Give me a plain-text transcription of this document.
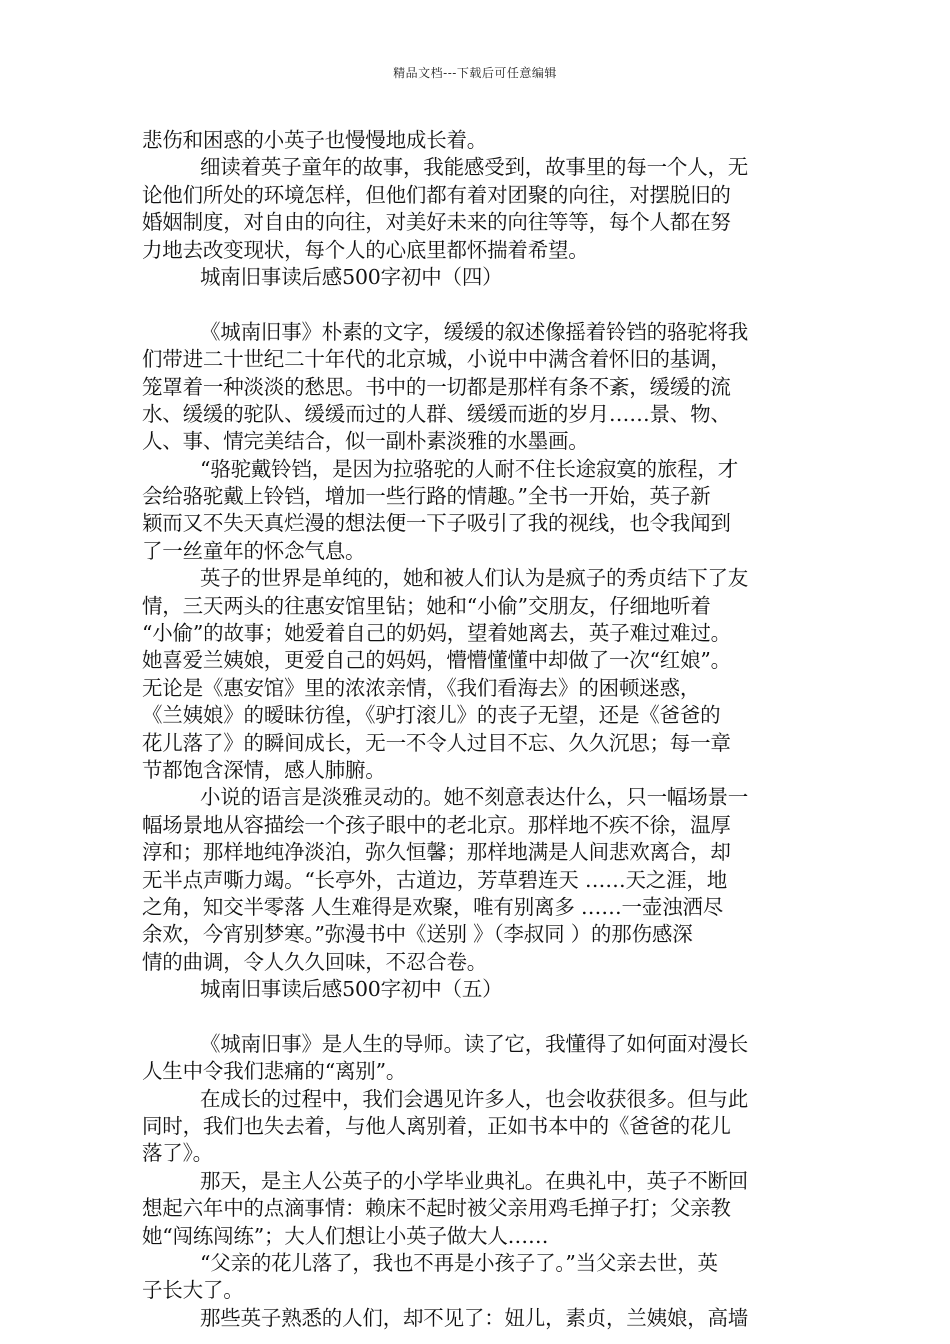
精品文档---下载后可任意编辑
悲伤和困惑的小英子也慢慢地成长着。
细读着英子童年的故事，我能感受到，故事里的每一个人，无
论他们所处的环境怎样，但他们都有着对团聚的向往，对摆脱旧的
婚姻制度，对自由的向往，对美好未来的向往等等，每个人都在努
力地去改变现状，每个人的心底里都怀揣着希望。
城南旧事读后感500字初中（四）
《城南旧事》朴素的文字，缓缓的叙述像摇着铃铛的骆驼将我
们带进二十世纪二十年代的北京城，小说中中满含着怀旧的基调，
笼罩着一种淡淡的愁思。书中的一切都是那样有条不紊，缓缓的流
水、缓缓的驼队、缓缓而过的人群、缓缓而逝的岁月……景、物、
人、事、情完美结合，似一副朴素淡雅的水墨画。
“骆驼戴铃铛，是因为拉骆驼的人耐不住长途寂寞的旅程，才
会给骆驼戴上铃铛，增加一些行路的情趣。”全书一开始，英子新
颖而又不失天真烂漫的想法便一下子吸引了我的视线，也令我闻到
了一丝童年的怀念气息。
英子的世界是单纯的，她和被人们认为是疯子的秀贞结下了友
情，三天两头的往惠安馆里钻；她和“小偷”交朋友，仔细地听着
“小偷”的故事；她爱着自己的奶妈，望着她离去，英子难过难过。
她喜爱兰姨娘，更爱自己的妈妈，懵懵懂懂中却做了一次“红娘”。
无论是《惠安馆》里的浓浓亲情，《我们看海去》的困顿迷惑，
《兰姨娘》的暧昧彷徨，《驴打滚儿》的丧子无望，还是《爸爸的
花儿落了》的瞬间成长，无一不令人过目不忘、久久沉思；每一章
节都饱含深情，感人肺腑。
小说的语言是淡雅灵动的。她不刻意表达什么，只一幅场景一
幅场景地从容描绘一个孩子眼中的老北京。那样地不疾不徐，温厚
淳和；那样地纯净淡泊，弥久恒馨；那样地满是人间悲欢离合，却
无半点声嘶力竭。“长亭外，古道边，芳草碧连天 ……天之涯，地
之角，知交半零落 人生难得是欢聚，唯有别离多 ……一壶浊洒尽
余欢，今宵别梦寒。”弥漫书中《送别 》（李叔同 ）的那伤感深
情的曲调，令人久久回味，不忍合卷。
城南旧事读后感500字初中（五）
《城南旧事》是人生的导师。读了它，我懂得了如何面对漫长
人生中令我们悲痛的“离别”。
在成长的过程中，我们会遇见许多人，也会收获很多。但与此
同时，我们也失去着，与他人离别着，正如书本中的《爸爸的花儿
落了》。
那天，是主人公英子的小学毕业典礼。在典礼中，英子不断回
想起六年中的点滴事情：赖床不起时被父亲用鸡毛掸子打；父亲教
她“闯练闯练”；大人们想让小英子做大人……
“父亲的花儿落了，我也不再是小孩子了。”当父亲去世，英
子长大了。
那些英子熟悉的人们，却不见了：妞儿，素贞，兰姨娘，高墙
